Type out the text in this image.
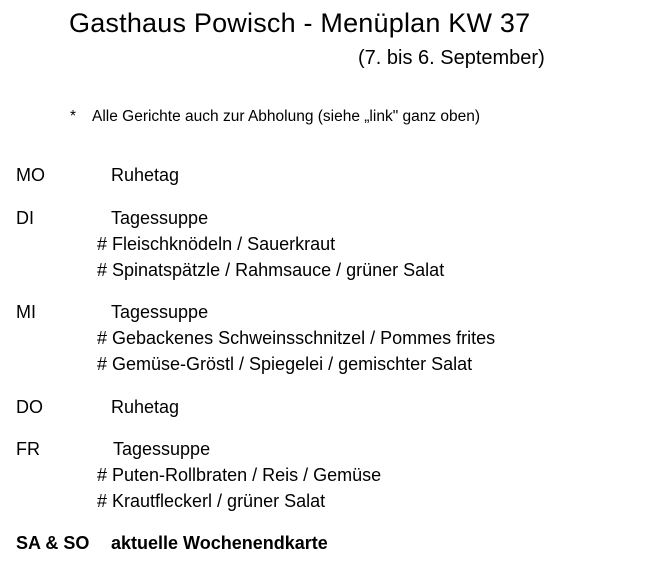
Gasthaus Powisch - Menüplan KW 37
(7. bis 6. September)
* Alle Gerichte auch zur Abholung (siehe „link" ganz oben)
MO	Ruhetag
DI	Tagessuppe
# Fleischknödeln / Sauerkraut
# Spinatspätzle / Rahmsauce / grüner Salat
MI	Tagessuppe
# Gebackenes Schweinsschnitzel / Pommes frites
# Gemüse-Gröstl / Spiegelei / gemischter Salat
DO	Ruhetag
FR	Tagessuppe
# Puten-Rollbraten / Reis / Gemüse
# Krautfleckerl / grüner Salat
SA & SO aktuelle Wochenendkarte
